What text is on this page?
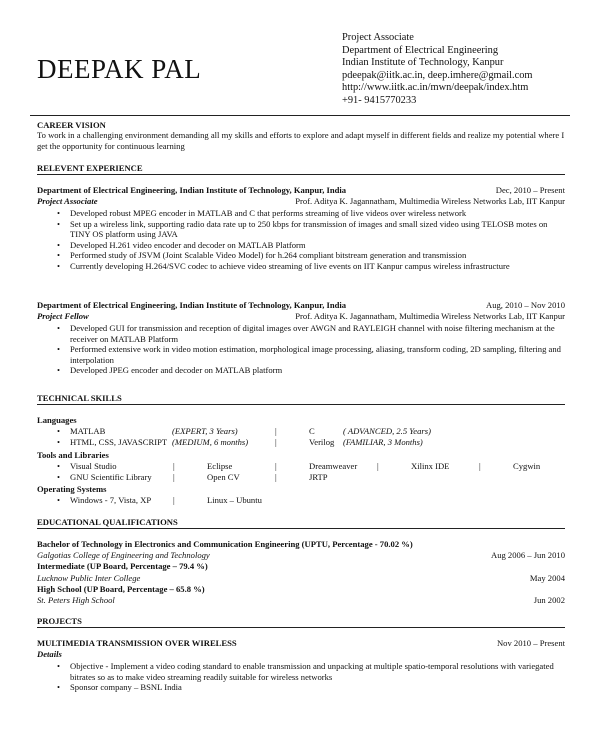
DEEPAK PAL
Project Associate
Department of Electrical Engineering
Indian Institute of Technology, Kanpur
pdeepak@iitk.ac.in, deep.imhere@gmail.com
http://www.iitk.ac.in/mwn/deepak/index.htm
+91- 9415770233
CAREER VISION
To work in a challenging environment demanding all my skills and efforts to explore and adapt myself in different fields and realize my potential where I get the opportunity for continuous learning
RELEVENT EXPERIENCE
Department of Electrical Engineering, Indian Institute of Technology, Kanpur, India	Dec, 2010 – Present
Project Associate	Prof. Aditya K. Jagannatham, Multimedia Wireless Networks Lab, IIT Kanpur
• Developed robust MPEG encoder in MATLAB and C that performs streaming of live videos over wireless network
• Set up a wireless link, supporting radio data rate up to 250 kbps for transmission of images and small sized video using TELOSB motes on TINY OS platform using JAVA
• Developed H.261 video encoder and decoder on MATLAB Platform
• Performed study of JSVM (Joint Scalable Video Model) for h.264 compliant bitstream generation and transmission
• Currently developing H.264/SVC codec to achieve video streaming of live events on IIT Kanpur campus wireless infrastructure
Department of Electrical Engineering, Indian Institute of Technology, Kanpur, India	Aug, 2010 – Nov 2010
Project Fellow	Prof. Aditya K. Jagannatham, Multimedia Wireless Networks Lab, IIT Kanpur
• Developed GUI for transmission and reception of digital images over AWGN and RAYLEIGH channel with noise filtering mechanism at the receiver on MATLAB Platform
• Performed extensive work in video motion estimation, morphological image processing, aliasing, transform coding, 2D sampling, filtering and interpolation
• Developed JPEG encoder and decoder on MATLAB platform
TECHNICAL SKILLS
Languages
• MATLAB	(EXPERT, 3 Years)	|	C	( ADVANCED, 2.5 Years)
• HTML, CSS, JAVASCRIPT (MEDIUM, 6 months)	|	Verilog (FAMILIAR, 3 Months)
Tools and Libraries
• Visual Studio	|	Eclipse	|	Dreamweaver |	Xilinx IDE	|	Cygwin
• GNU Scientific Library |	Open CV	|	JRTP
Operating Systems
• Windows - 7, Vista, XP	|	Linux – Ubuntu
EDUCATIONAL QUALIFICATIONS
Bachelor of Technology in Electronics and Communication Engineering (UPTU, Percentage - 70.02 %)
Galgotias College of Engineering and Technology	Aug 2006 – Jun 2010
Intermediate (UP Board, Percentage – 79.4 %)
Lucknow Public Inter College	May 2004
High School (UP Board, Percentage – 65.8 %)
St. Peters High School	Jun 2002
PROJECTS
MULTIMEDIA TRANSMISSION OVER WIRELESS	Nov 2010 – Present
Details
• Objective - Implement a video coding standard to enable transmission and unpacking at multiple spatio-temporal resolutions with variegated bitrates so as to make video streaming readily suitable for wireless networks
• Sponsor company – BSNL India
